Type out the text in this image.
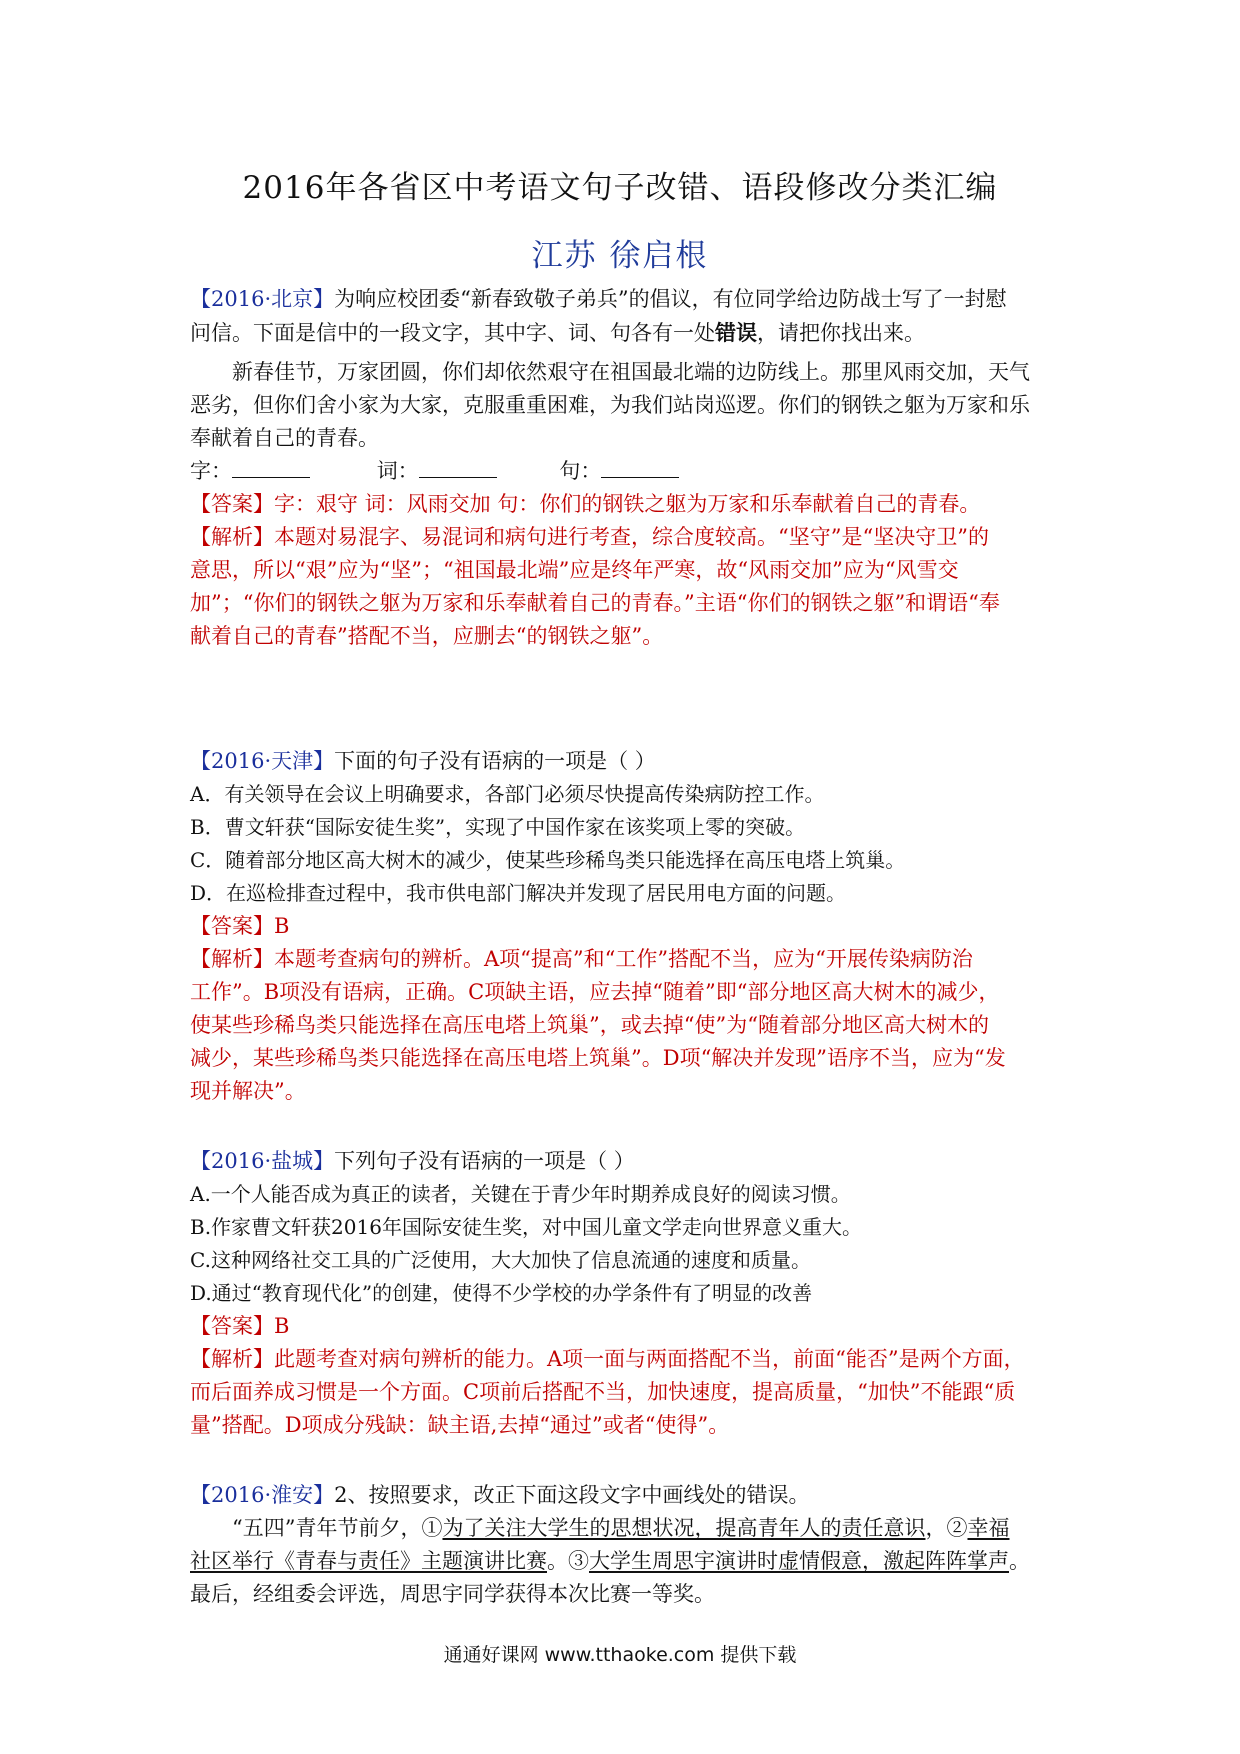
2016年各省区中考语文句子改错、语段修改分类汇编
江苏 徐启根
【2016·北京】为响应校团委“新春致敬子弟兵”的倡议，有位同学给边防战士写了一封慰
问信。下面是信中的一段文字，其中字、词、句各有一处错误，请把你找出来。
新春佳节，万家团圆，你们却依然艰守在祖国最北端的边防线上。那里风雨交加，天气
恶劣，但你们舍小家为大家，克服重重困难，为我们站岗巡逻。你们的钢铁之躯为万家和乐
奉献着自己的青春。
字：	词：	句：
【答案】字：艰守 词：风雨交加 句：你们的钢铁之躯为万家和乐奉献着自己的青春。
【解析】本题对易混字、易混词和病句进行考查，综合度较高。“坚守”是“坚决守卫”的
意思，所以“艰”应为“坚”；“祖国最北端”应是终年严寒，故“风雨交加”应为“风雪交
加”；“你们的钢铁之躯为万家和乐奉献着自己的青春。”主语“你们的钢铁之躯”和谓语“奉
献着自己的青春”搭配不当，应删去“的钢铁之躯”。
【2016·天津】下面的句子没有语病的一项是（ ）
A．有关领导在会议上明确要求，各部门必须尽快提高传染病防控工作。
B．曹文轩获“国际安徒生奖”，实现了中国作家在该奖项上零的突破。
C．随着部分地区高大树木的减少，使某些珍稀鸟类只能选择在高压电塔上筑巢。
D．在巡检排查过程中，我市供电部门解决并发现了居民用电方面的问题。
【答案】B
【解析】本题考查病句的辨析。A项“提高”和“工作”搭配不当，应为“开展传染病防治
工作”。B项没有语病，正确。C项缺主语，应去掉“随着”即“部分地区高大树木的减少，
使某些珍稀鸟类只能选择在高压电塔上筑巢”，或去掉“使”为“随着部分地区高大树木的
减少，某些珍稀鸟类只能选择在高压电塔上筑巢”。D项“解决并发现”语序不当，应为“发
现并解决”。
【2016·盐城】下列句子没有语病的一项是（ ）
A.一个人能否成为真正的读者，关键在于青少年时期养成良好的阅读习惯。
B.作家曹文轩获2016年国际安徒生奖，对中国儿童文学走向世界意义重大。
C.这种网络社交工具的广泛使用，大大加快了信息流通的速度和质量。
D.通过“教育现代化”的创建，使得不少学校的办学条件有了明显的改善
【答案】B
【解析】此题考查对病句辨析的能力。A项一面与两面搭配不当，前面“能否”是两个方面，
而后面养成习惯是一个方面。C项前后搭配不当，加快速度，提高质量，“加快”不能跟“质
量”搭配。D项成分残缺：缺主语,去掉“通过”或者“使得”。
【2016·淮安】2、按照要求，改正下面这段文字中画线处的错误。
“五四”青年节前夕，①为了关注大学生的思想状况，提高青年人的责任意识，②幸福
社区举行《青春与责任》主题演讲比赛。③大学生周思宇演讲时虚情假意，激起阵阵掌声。
最后，经组委会评选，周思宇同学获得本次比赛一等奖。
通通好课网 www.tthaoke.com 提供下载
